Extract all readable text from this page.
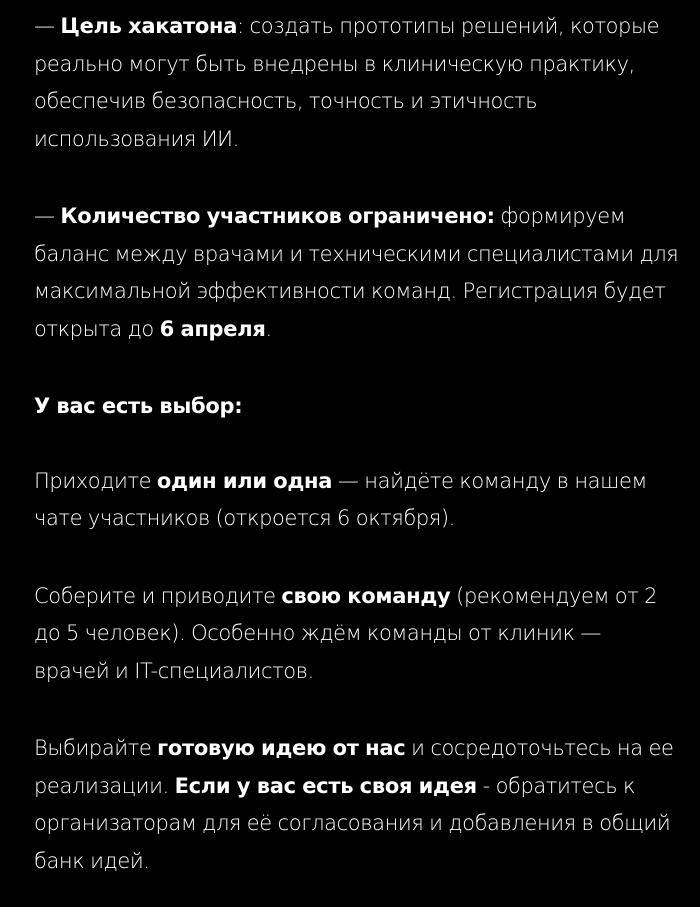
— Цель хакатона: создать прототипы решений, которые реально могут быть внедрены в клиническую практику, обеспечив безопасность, точность и этичность использования ИИ.

— Количество участников ограничено: формируем баланс между врачами и техническими специалистами для максимальной эффективности команд. Регистрация будет открыта до 6 апреля.

У вас есть выбор:

Приходите один или одна — найдёте команду в нашем чате участников (откроется 6 октября).

Соберите и приводите свою команду (рекомендуем от 2 до 5 человек). Особенно ждём команды от клиник — врачей и IT-специалистов.

Выбирайте готовую идею от нас и сосредоточьтесь на ее реализации. Если у вас есть своя идея - обратитесь к организаторам для её согласования и добавления в общий банк идей.
